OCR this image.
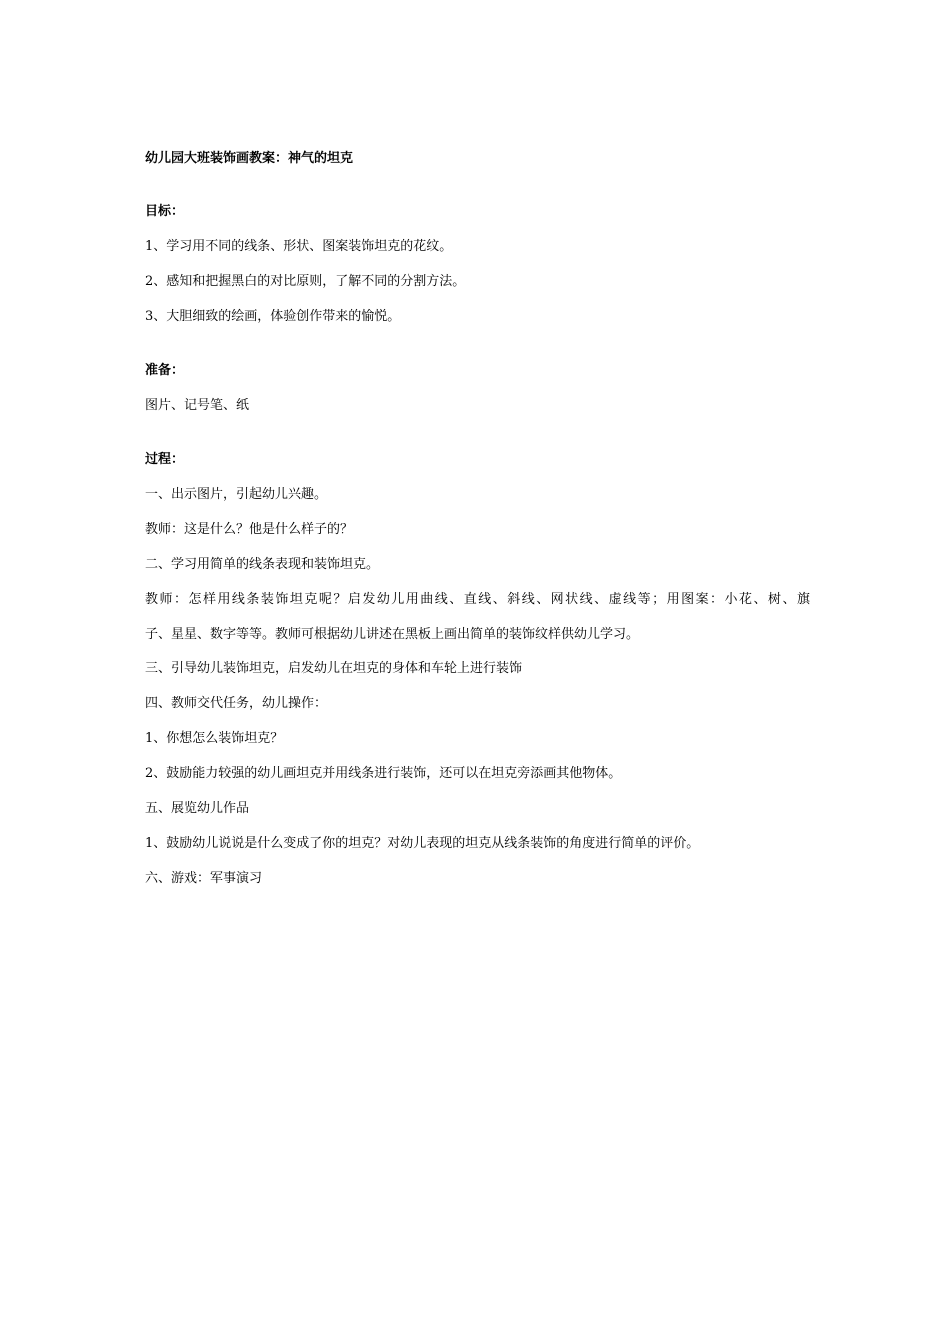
幼儿园大班装饰画教案：神气的坦克
目标：
1、学习用不同的线条、形状、图案装饰坦克的花纹。
2、感知和把握黑白的对比原则，了解不同的分割方法。
3、大胆细致的绘画，体验创作带来的愉悦。
准备：
图片、记号笔、纸
过程：
一、出示图片，引起幼儿兴趣。
教师：这是什么？他是什么样子的？
二、学习用简单的线条表现和装饰坦克。
教师：怎样用线条装饰坦克呢？启发幼儿用曲线、直线、斜线、网状线、虚线等；用图案：小花、树、旗
子、星星、数字等等。教师可根据幼儿讲述在黑板上画出简单的装饰纹样供幼儿学习。
三、引导幼儿装饰坦克，启发幼儿在坦克的身体和车轮上进行装饰
四、教师交代任务，幼儿操作：
1、你想怎么装饰坦克？
2、鼓励能力较强的幼儿画坦克并用线条进行装饰，还可以在坦克旁添画其他物体。
五、展览幼儿作品
1、鼓励幼儿说说是什么变成了你的坦克？对幼儿表现的坦克从线条装饰的角度进行简单的评价。
六、游戏：军事演习
